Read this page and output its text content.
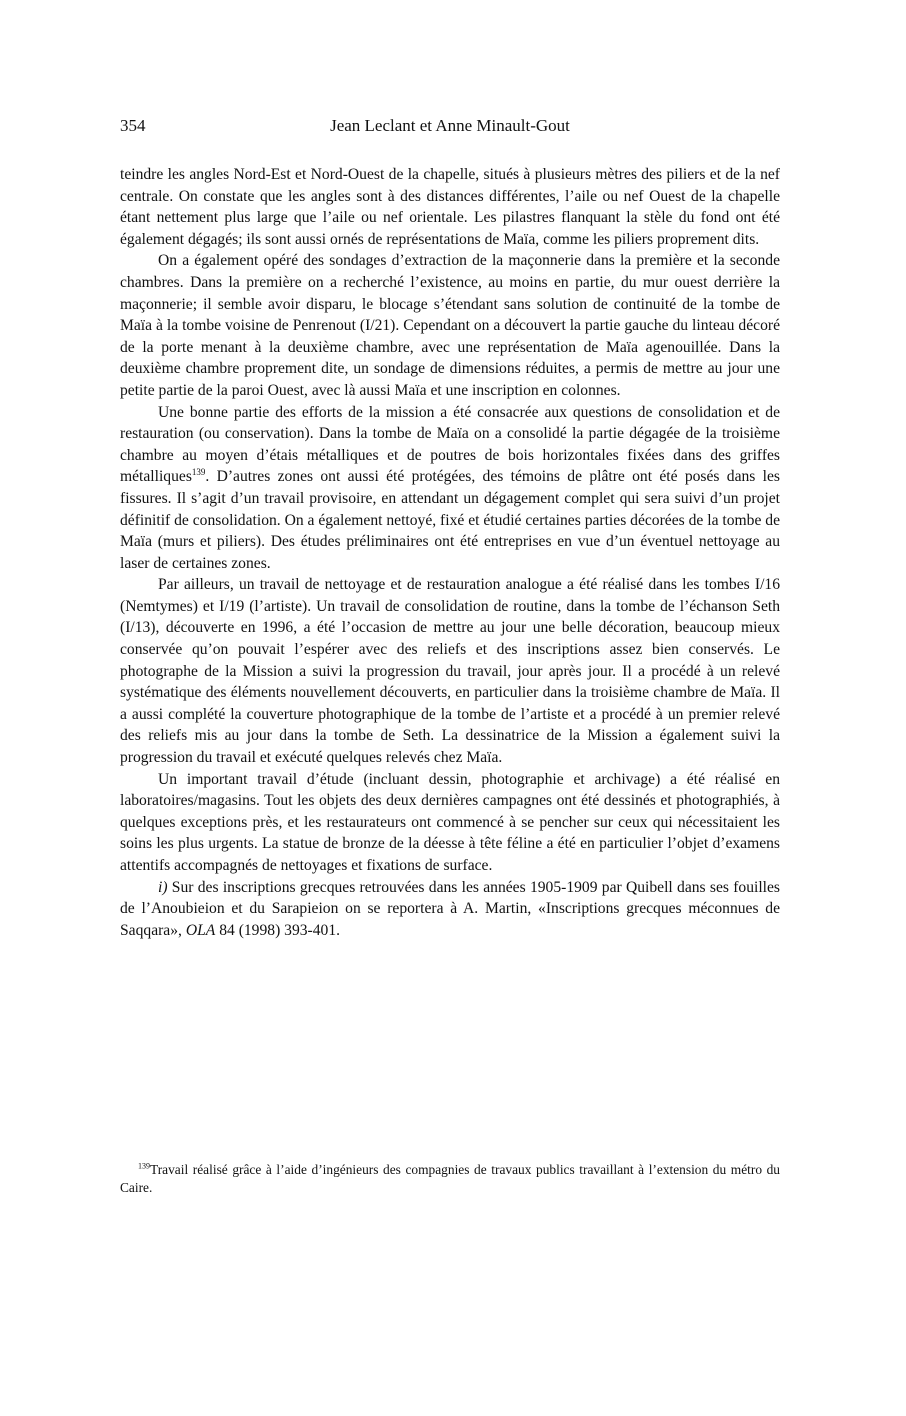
354	Jean Leclant et Anne Minault-Gout

teindre les angles Nord-Est et Nord-Ouest de la chapelle, situés à plusieurs mètres des piliers et de la nef centrale. On constate que les angles sont à des distances différentes, l’aile ou nef Ouest de la chapelle étant nettement plus large que l’aile ou nef orientale. Les pilastres flanquant la stèle du fond ont été également dégagés; ils sont aussi ornés de représentations de Maïa, comme les piliers proprement dits.

On a également opéré des sondages d’extraction de la maçonnerie dans la première et la seconde chambres. Dans la première on a recherché l’existence, au moins en partie, du mur ouest derrière la maçonnerie; il semble avoir disparu, le blocage s’étendant sans solution de continuité de la tombe de Maïa à la tombe voisine de Penrenout (I/21). Cependant on a découvert la partie gauche du linteau décoré de la porte menant à la deuxième chambre, avec une représentation de Maïa agenouillée. Dans la deuxième chambre proprement dite, un sondage de dimensions réduites, a permis de mettre au jour une petite partie de la paroi Ouest, avec là aussi Maïa et une inscription en colonnes.

Une bonne partie des efforts de la mission a été consacrée aux questions de consolidation et de restauration (ou conservation). Dans la tombe de Maïa on a consolidé la partie dégagée de la troisième chambre au moyen d’étais métalliques et de poutres de bois horizontales fixées dans des griffes métalliques$^{139}$. D’autres zones ont aussi été protégées, des témoins de plâtre ont été posés dans les fissures. Il s’agit d’un travail provisoire, en attendant un dégagement complet qui sera suivi d’un projet définitif de consolidation. On a également nettoyé, fixé et étudié certaines parties décorées de la tombe de Maïa (murs et piliers). Des études préliminaires ont été entreprises en vue d’un éventuel nettoyage au laser de certaines zones.

Par ailleurs, un travail de nettoyage et de restauration analogue a été réalisé dans les tombes I/16 (Nemtymes) et I/19 (l’artiste). Un travail de consolidation de routine, dans la tombe de l’échanson Seth (I/13), découverte en 1996, a été l’occasion de mettre au jour une belle décoration, beaucoup mieux conservée qu’on pouvait l’espérer avec des reliefs et des inscriptions assez bien conservés. Le photographe de la Mission a suivi la progression du travail, jour après jour. Il a procédé à un relevé systématique des éléments nouvellement découverts, en particulier dans la troisième chambre de Maïa. Il a aussi complété la couverture photographique de la tombe de l’artiste et a procédé à un premier relevé des reliefs mis au jour dans la tombe de Seth. La dessinatrice de la Mission a également suivi la progression du travail et exécuté quelques relevés chez Maïa.

Un important travail d’étude (incluant dessin, photographie et archivage) a été réalisé en laboratoires/magasins. Tout les objets des deux dernières campagnes ont été dessinés et photographiés, à quelques exceptions près, et les restaurateurs ont commencé à se pencher sur ceux qui nécessitaient les soins les plus urgents. La statue de bronze de la déesse à tête féline a été en particulier l’objet d’examens attentifs accompagnés de nettoyages et fixations de surface.

i) Sur des inscriptions grecques retrouvées dans les années 1905-1909 par Quibell dans ses fouilles de l’Anoubieion et du Sarapieion on se reportera à A. Martin, «Inscriptions grecques méconnues de Saqqara», OLA 84 (1998) 393-401.

$^{139}$Travail réalisé grâce à l’aide d’ingénieurs des compagnies de travaux publics travaillant à l’extension du métro du Caire.
